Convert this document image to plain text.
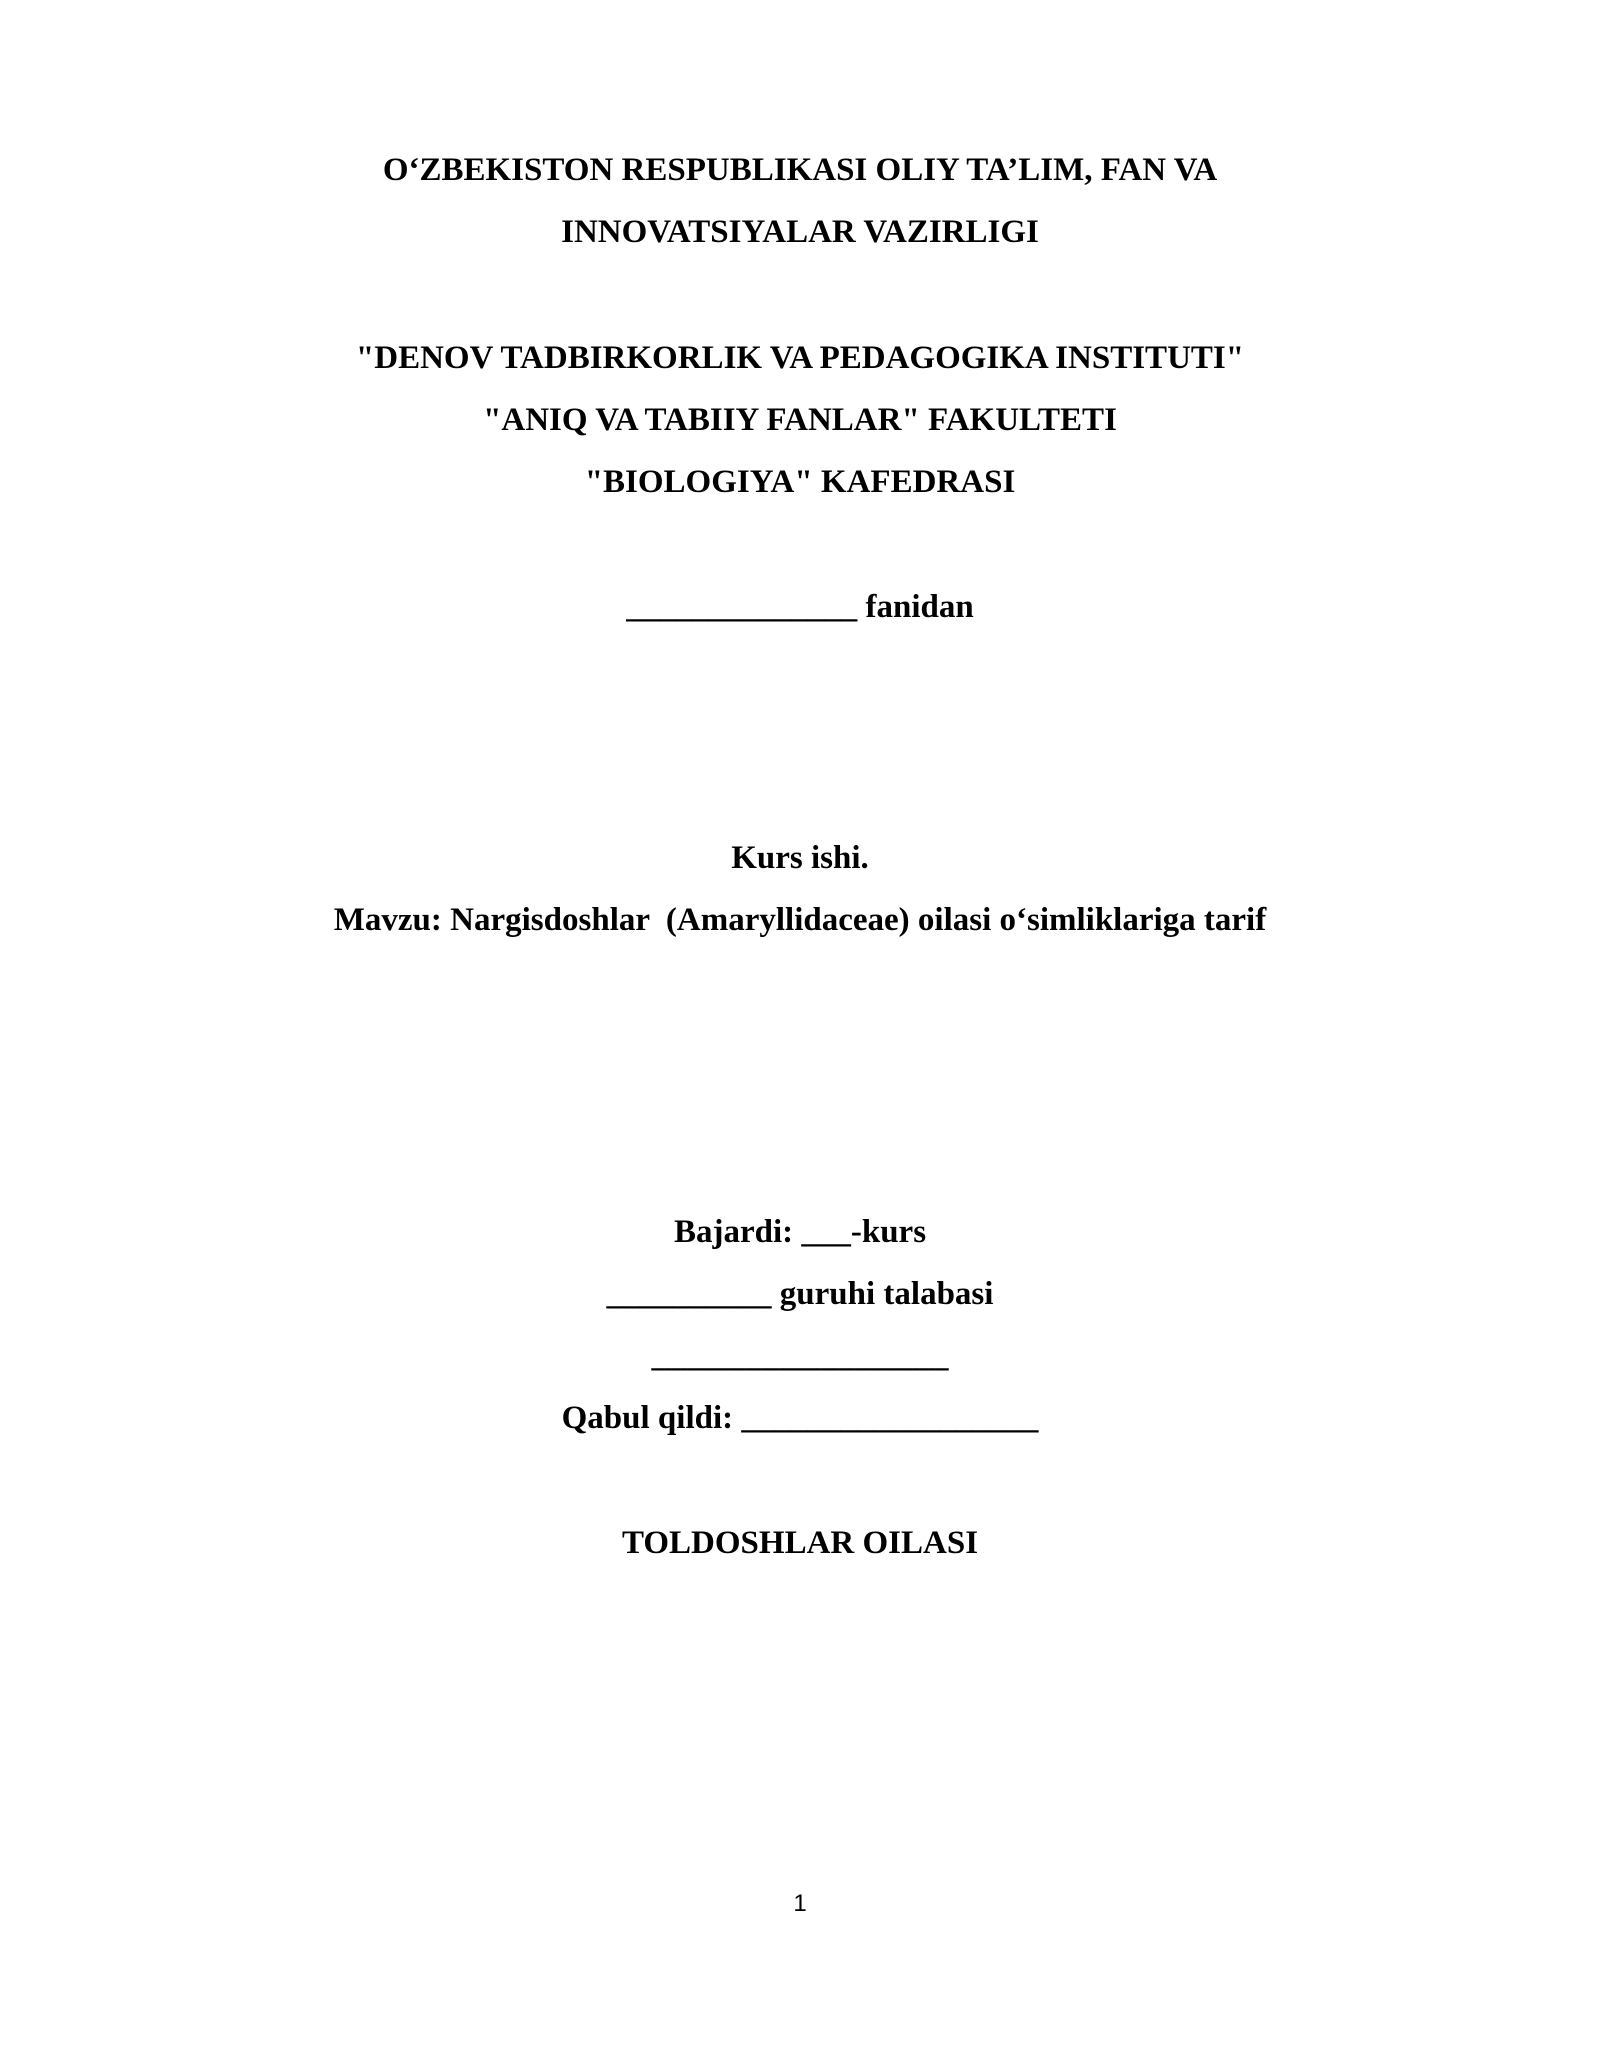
O‘ZBEKISTON RESPUBLIKASI OLIY TA’LIM, FAN VA
INNOVATSIYALAR VAZIRLIGI
"DENOV TADBIRKORLIK VA PEDAGOGIKA INSTITUTI"
"ANIQ VA TABIIY FANLAR" FAKULTETI
"BIOLOGIYA" KAFEDRASI
______________ fanidan
Kurs ishi.
Mavzu: Nargisdoshlar  (Amaryllidaceae) oilasi o‘simliklariga tarif
Bajardi: ___-kurs
__________ guruhi talabasi
__________________
Qabul qildi: __________________
TOLDOSHLAR OILASI
1
